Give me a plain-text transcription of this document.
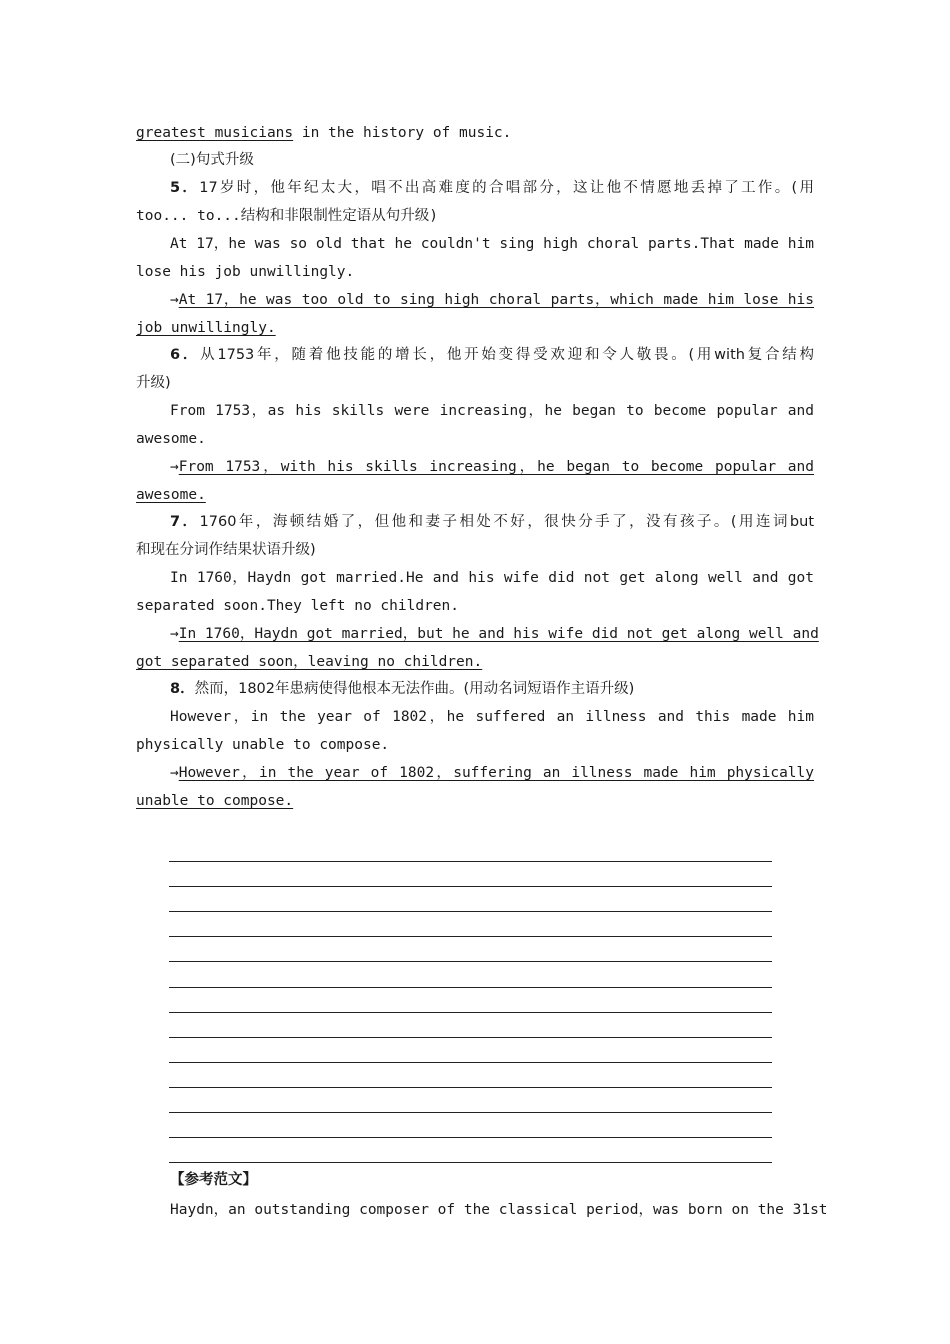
greatest musicians in the history of music.
(二)句式升级
5．17岁时，他年纪太大，唱不出高难度的合唱部分，这让他不情愿地丢掉了工作。(用
too... to...结构和非限制性定语从句升级)
At 17，he was so old that he couldn't sing high choral parts.That made him
lose his job unwillingly.
→At 17，he was too old to sing high choral parts，which made him lose his
job unwillingly.
6．从1753年，随着他技能的增长，他开始变得受欢迎和令人敬畏。(用with复合结构
升级)
From 1753，as his skills were increasing，he began to become popular and
awesome.
→From 1753，with his skills increasing，he began to become popular and
awesome.
7．1760年，海顿结婚了，但他和妻子相处不好，很快分手了，没有孩子。(用连词but
和现在分词作结果状语升级)
In 1760，Haydn got married.He and his wife did not get along well and got
separated soon.They left no children.
→In 1760，Haydn got married，but he and his wife did not get along well and
got separated soon，leaving no children.
8．然而，1802年患病使得他根本无法作曲。(用动名词短语作主语升级)
However，in the year of 1802，he suffered an illness and this made him
physically unable to compose.
→However，in the year of 1802，suffering an illness made him physically
unable to compose.
【参考范文】
Haydn，an outstanding composer of the classical period，was born on the 31st
